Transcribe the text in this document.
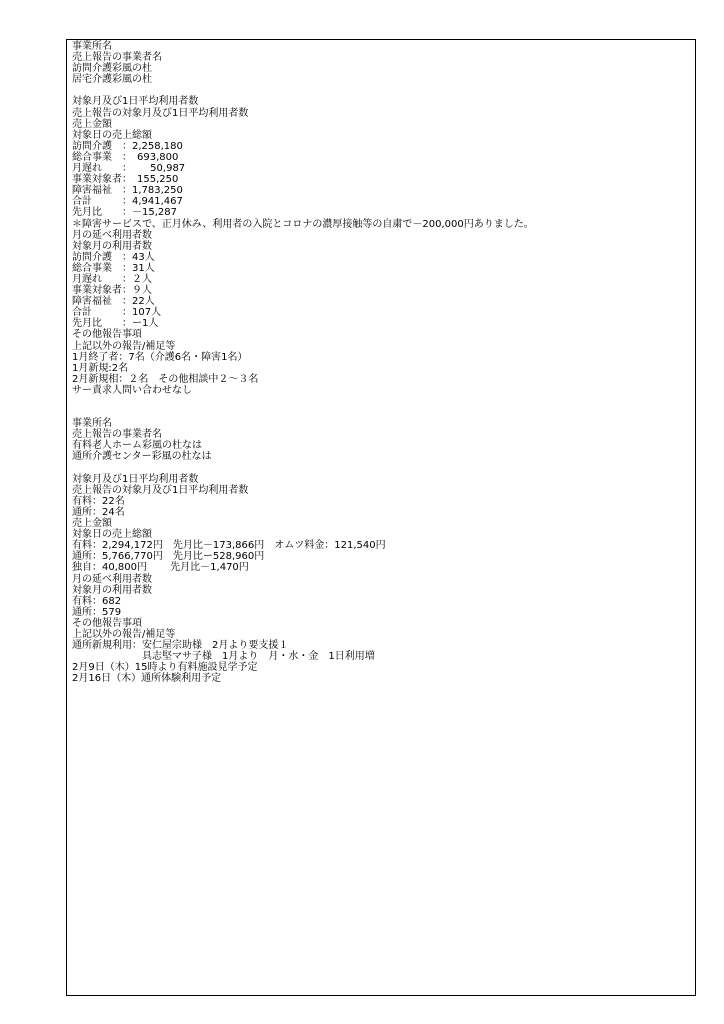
事業所名
売上報告の事業者名
訪問介護彩風の杜
居宅介護彩風の杜
対象月及び1日平均利用者数
売上報告の対象月及び1日平均利用者数
売上金額
対象日の売上総額
訪問介護　：2,258,180
総合事業　：　693,800
月遅れ　　：　　 50,987
事業対象者：　155,250
障害福祉　：1,783,250
合計　　　：4,941,467
先月比　　：－15,287
＊障害サービスで、正月休み、利用者の入院とコロナの濃厚接触等の自粛で－200,000円ありました。
月の延べ利用者数
対象月の利用者数
訪問介護　：43人
総合事業　：31人
月遅れ　　：２人
事業対象者：９人
障害福祉　：22人
合計　　　：107人
先月比　　：ー1人
その他報告事項
上記以外の報告/補足等
1月終了者：7名（介護6名・障害1名）
1月新規:2名
2月新規相：２名　その他相談中２～３名
サー責求人問い合わせなし
事業所名
売上報告の事業者名
有料老人ホーム彩風の杜なは
通所介護センター彩風の杜なは
対象月及び1日平均利用者数
売上報告の対象月及び1日平均利用者数
有料：22名
通所：24名
売上金額
対象日の売上総額
有料：2,294,172円　先月比－173,866円　オムツ料金：121,540円
通所：5,766,770円　先月比ー528,960円
独自：40,800円　　 先月比－1,470円
月の延べ利用者数
対象月の利用者数
有料：682
通所：579
その他報告事項
上記以外の報告/補足等
通所新規利用：安仁屋宗助様　2月より要支援１
　　　　　　　具志堅マサ子様　1月より　月・水・金　1日利用増
2月9日（木）15時より有料施設見学予定
2月16日（木）通所体験利用予定
